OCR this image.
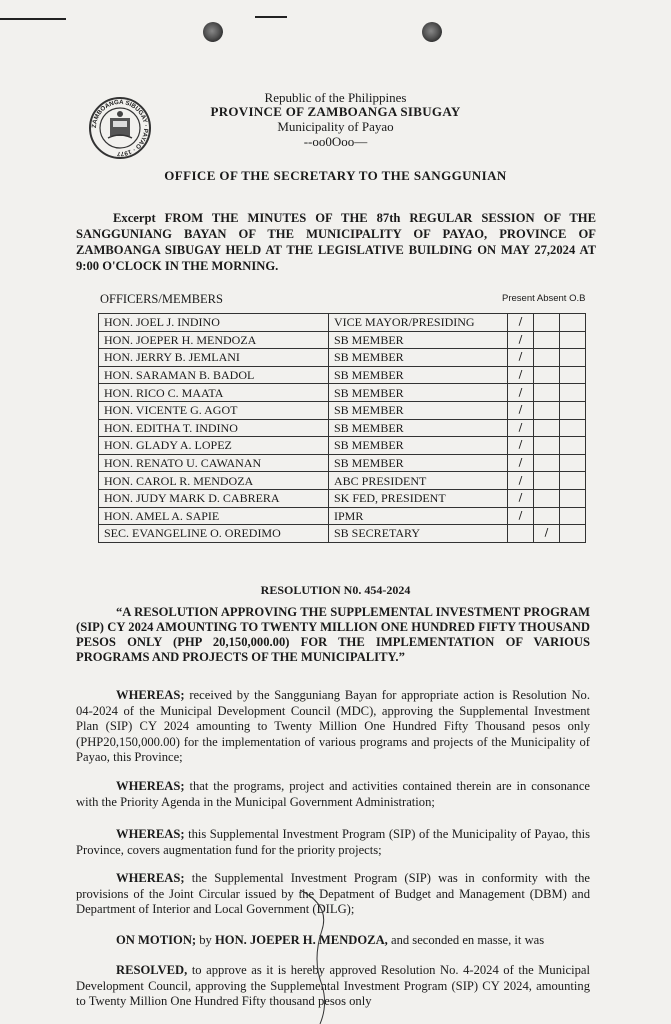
ZAMBOANGA SIBUGAY · PAYAO · 1977
Republic of the Philippines
PROVINCE OF ZAMBOANGA SIBUGAY
Municipality of Payao
--oo0Ooo—
OFFICE OF THE SECRETARY TO THE SANGGUNIAN
Excerpt FROM THE MINUTES OF THE 87th REGULAR SESSION OF THE SANGGUNIANG BAYAN OF THE MUNICIPALITY OF PAYAO, PROVINCE OF ZAMBOANGA SIBUGAY HELD AT THE LEGISLATIVE BUILDING ON MAY 27,2024 AT 9:00 O'CLOCK IN THE MORNING.
OFFICERS/MEMBERS	Present Absent O.B
HON. JOEL J. INDINO	VICE MAYOR/PRESIDING	/		
HON. JOEPER H. MENDOZA	SB MEMBER	/		
HON. JERRY B. JEMLANI	SB MEMBER	/		
HON. SARAMAN B. BADOL	SB MEMBER	/		
HON. RICO C. MAATA	SB MEMBER	/		
HON. VICENTE G. AGOT	SB MEMBER	/		
HON. EDITHA T. INDINO	SB MEMBER	/		
HON. GLADY A. LOPEZ	SB MEMBER	/		
HON. RENATO U. CAWANAN	SB MEMBER	/		
HON. CAROL R. MENDOZA	ABC PRESIDENT	/		
HON. JUDY MARK D. CABRERA	SK FED, PRESIDENT	/		
HON. AMEL A. SAPIE	IPMR	/		
SEC. EVANGELINE O. OREDIMO	SB SECRETARY		/	
RESOLUTION N0. 454-2024
“A RESOLUTION APPROVING THE SUPPLEMENTAL INVESTMENT PROGRAM (SIP) CY 2024 AMOUNTING TO TWENTY MILLION ONE HUNDRED FIFTY THOUSAND PESOS ONLY (PHP 20,150,000.00) FOR THE IMPLEMENTATION OF VARIOUS PROGRAMS AND PROJECTS OF THE MUNICIPALITY.”
WHEREAS; received by the Sangguniang Bayan for appropriate action is Resolution No. 04-2024 of the Municipal Development Council (MDC), approving the Supplemental Investment Plan (SIP) CY 2024 amounting to Twenty Million One Hundred Fifty Thousand pesos only (PHP20,150,000.00) for the implementation of various programs and projects of the Municipality of Payao, this Province;
WHEREAS; that the programs, project and activities contained therein are in consonance with the Priority Agenda in the Municipal Government Administration;
WHEREAS; this Supplemental Investment Program (SIP) of the Municipality of Payao, this Province, covers augmentation fund for the priority projects;
WHEREAS; the Supplemental Investment Program (SIP) was in conformity with the provisions of the Joint Circular issued by the Depatment of Budget and Management (DBM) and Department of Interior and Local Government (DILG);
ON MOTION; by HON. JOEPER H. MENDOZA, and seconded en masse, it was
RESOLVED, to approve as it is hereby approved Resolution No. 4-2024 of the Municipal Development Council, approving the Supplemental Investment Program (SIP) CY 2024, amounting to Twenty Million One Hundred Fifty thousand pesos only
